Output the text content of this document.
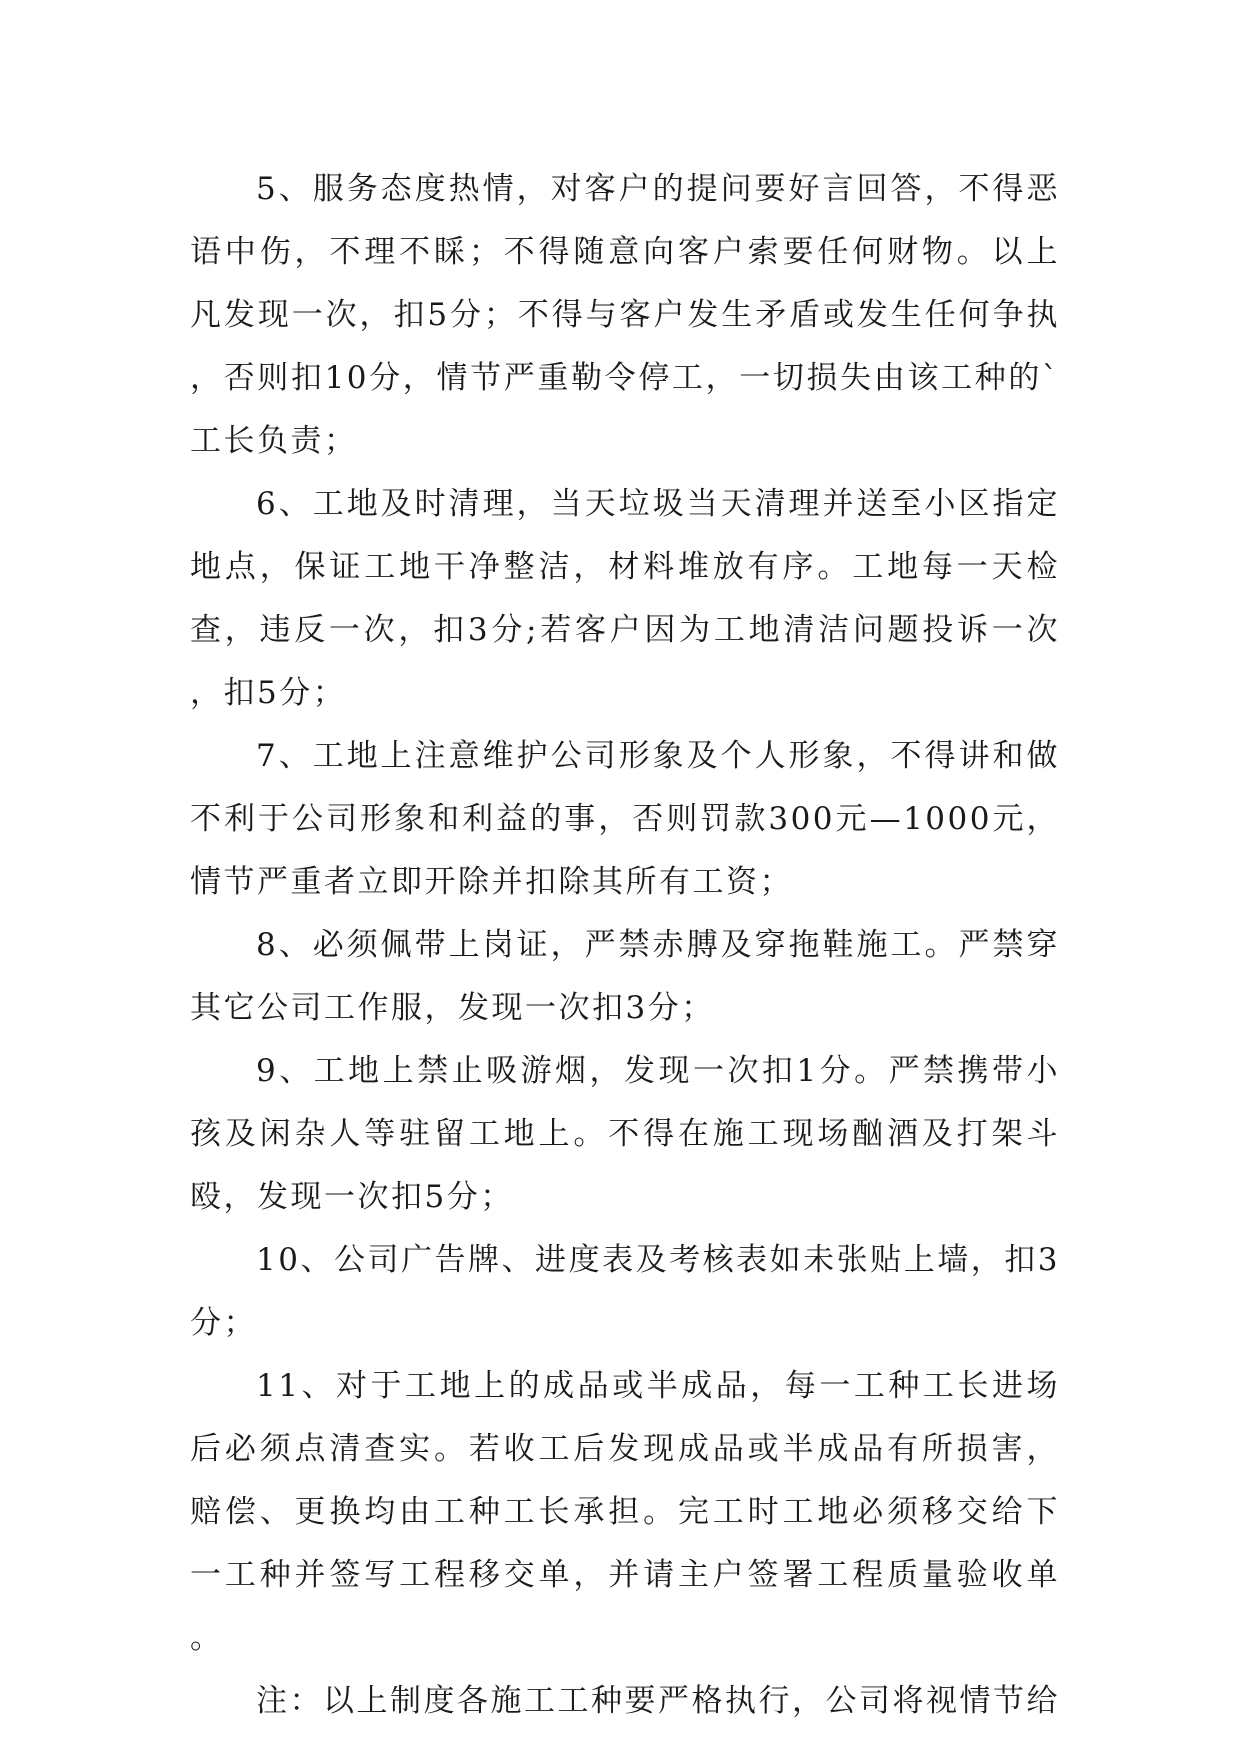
5、服务态度热情，对客户的提问要好言回答，不得恶语中伤，不理不睬；不得随意向客户索要任何财物。以上凡发现一次，扣5分；不得与客户发生矛盾或发生任何争执，否则扣10分，情节严重勒令停工，一切损失由该工种的`工长负责；

6、工地及时清理，当天垃圾当天清理并送至小区指定地点，保证工地干净整洁，材料堆放有序。工地每一天检查，违反一次，扣3分;若客户因为工地清洁问题投诉一次，扣5分；

7、工地上注意维护公司形象及个人形象，不得讲和做不利于公司形象和利益的事，否则罚款300元—1000元，情节严重者立即开除并扣除其所有工资；

8、必须佩带上岗证，严禁赤膊及穿拖鞋施工。严禁穿其它公司工作服，发现一次扣3分；

9、工地上禁止吸游烟，发现一次扣1分。严禁携带小孩及闲杂人等驻留工地上。不得在施工现场酗酒及打架斗殴，发现一次扣5分；

10、公司广告牌、进度表及考核表如未张贴上墙，扣3分；

11、对于工地上的成品或半成品，每一工种工长进场后必须点清查实。若收工后发现成品或半成品有所损害，赔偿、更换均由工种工长承担。完工时工地必须移交给下一工种并签写工程移交单，并请主户签署工程质量验收单。

注：以上制度各施工工种要严格执行，公司将视情节给
